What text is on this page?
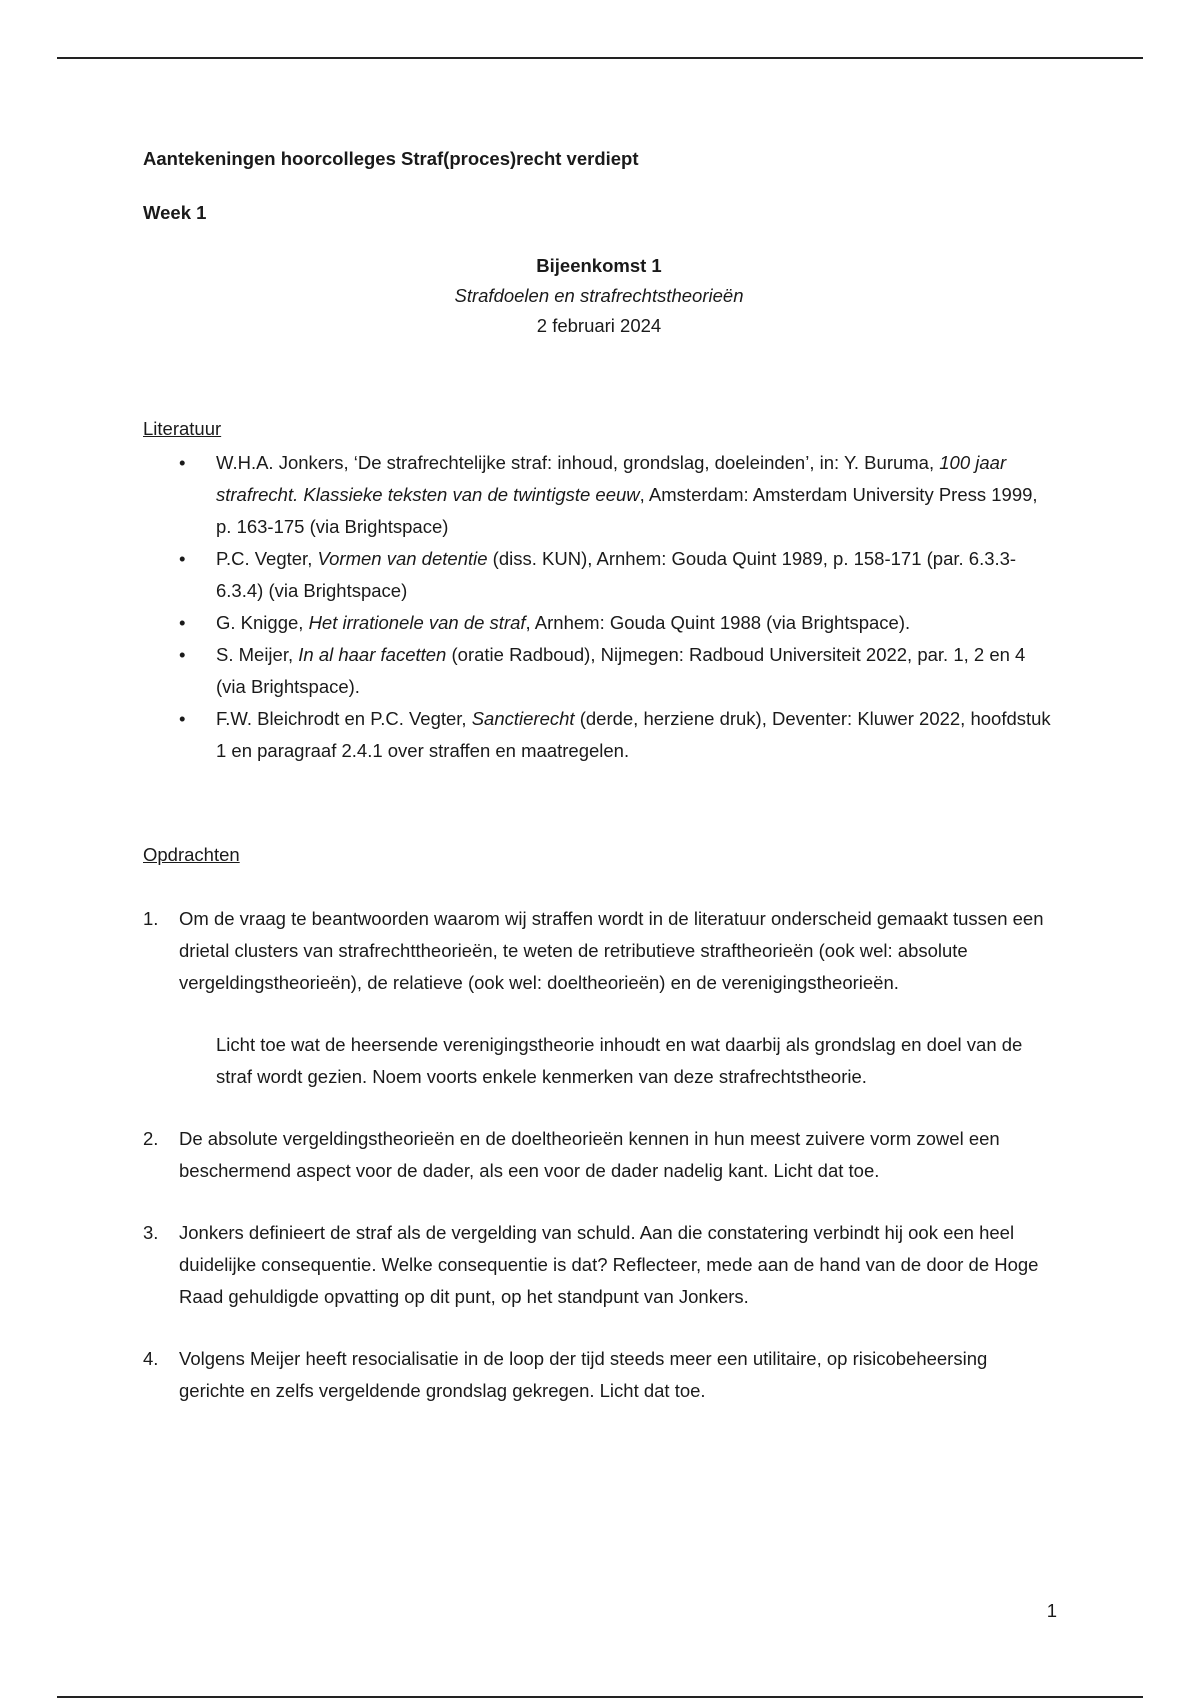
Aantekeningen hoorcolleges Straf(proces)recht verdiept

Week 1

Bijeenkomst 1
Strafdoelen en strafrechtstheorieën
2 februari 2024

Literatuur

• W.H.A. Jonkers, ‘De strafrechtelijke straf: inhoud, grondslag, doeleinden’, in: Y. Buruma, 100 jaar strafrecht. Klassieke teksten van de twintigste eeuw, Amsterdam: Amsterdam University Press 1999, p. 163-175 (via Brightspace)
• P.C. Vegter, Vormen van detentie (diss. KUN), Arnhem: Gouda Quint 1989, p. 158-171 (par. 6.3.3-6.3.4) (via Brightspace)
• G. Knigge, Het irrationele van de straf, Arnhem: Gouda Quint 1988 (via Brightspace).
• S. Meijer, In al haar facetten (oratie Radboud), Nijmegen: Radboud Universiteit 2022, par. 1, 2 en 4 (via Brightspace).
• F.W. Bleichrodt en P.C. Vegter, Sanctierecht (derde, herziene druk), Deventer: Kluwer 2022, hoofdstuk 1 en paragraaf 2.4.1 over straffen en maatregelen.

Opdrachten

1. Om de vraag te beantwoorden waarom wij straffen wordt in de literatuur onderscheid gemaakt tussen een drietal clusters van strafrechttheorieën, te weten de retributieve straftheorieën (ook wel: absolute vergeldingstheorieën), de relatieve (ook wel: doeltheorieën) en de verenigingstheorieën.
Licht toe wat de heersende verenigingstheorie inhoudt en wat daarbij als grondslag en doel van de straf wordt gezien. Noem voorts enkele kenmerken van deze strafrechtstheorie.
2. De absolute vergeldingstheorieën en de doeltheorieën kennen in hun meest zuivere vorm zowel een beschermend aspect voor de dader, als een voor de dader nadelig kant. Licht dat toe.
3. Jonkers definieert de straf als de vergelding van schuld. Aan die constatering verbindt hij ook een heel duidelijke consequentie. Welke consequentie is dat? Reflecteer, mede aan de hand van de door de Hoge Raad gehuldigde opvatting op dit punt, op het standpunt van Jonkers.
4. Volgens Meijer heeft resocialisatie in de loop der tijd steeds meer een utilitaire, op risicobeheersing gerichte en zelfs vergeldende grondslag gekregen. Licht dat toe.
1
